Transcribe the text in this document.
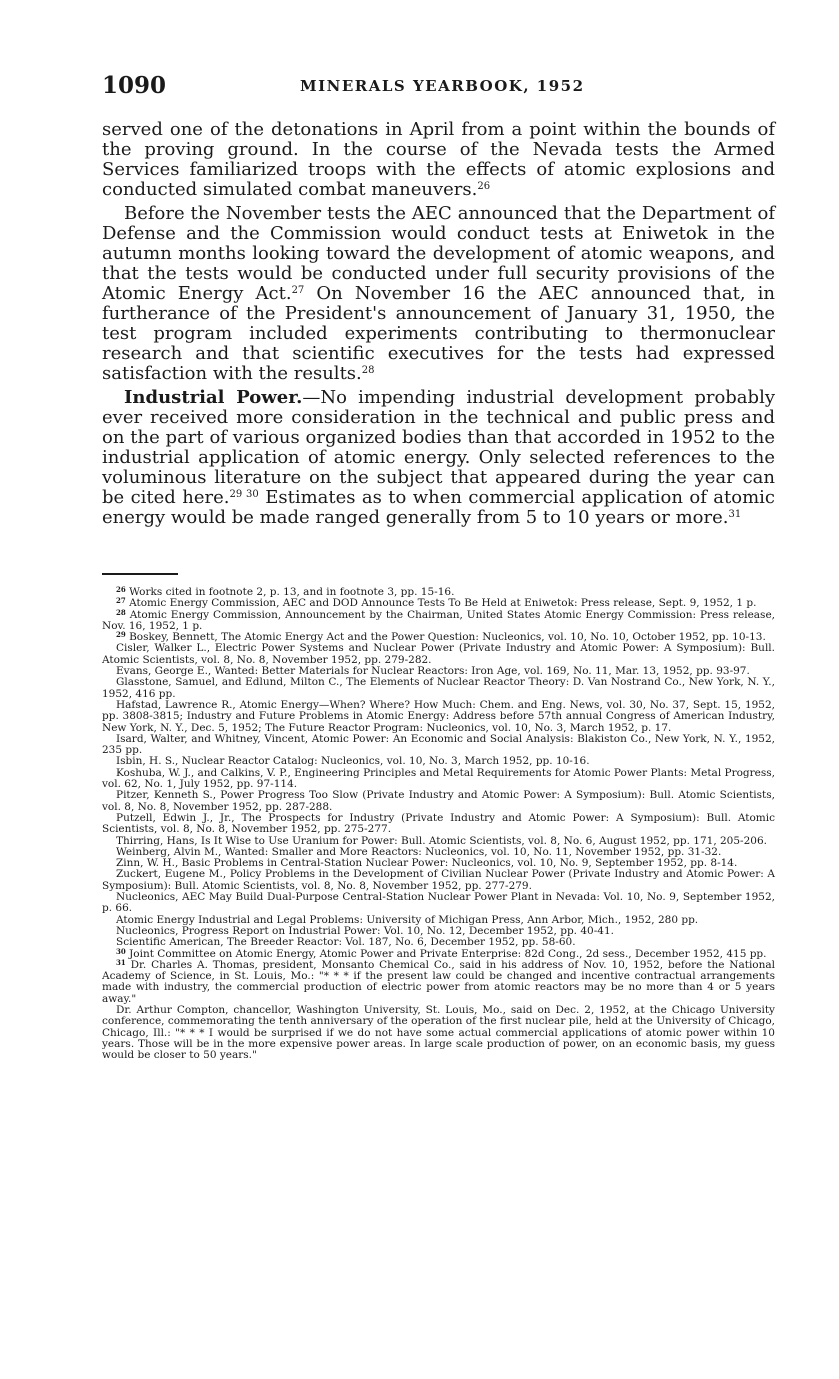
1090	MINERALS YEARBOOK, 1952

served one of the detonations in April from a point within the bounds of the proving ground. In the course of the Nevada tests the Armed Services familiarized troops with the effects of atomic explosions and conducted simulated combat maneuvers.$^{26}$

Before the November tests the AEC announced that the Department of Defense and the Commission would conduct tests at Eniwetok in the autumn months looking toward the development of atomic weapons, and that the tests would be conducted under full security provisions of the Atomic Energy Act.$^{27}$ On November 16 the AEC announced that, in furtherance of the President's announcement of January 31, 1950, the test program included experiments contributing to thermonuclear research and that scientific executives for the tests had expressed satisfaction with the results.$^{28}$

Industrial Power.—No impending industrial development probably ever received more consideration in the technical and public press and on the part of various organized bodies than that accorded in 1952 to the industrial application of atomic energy. Only selected references to the voluminous literature on the subject that appeared during the year can be cited here.$^{29 30}$ Estimates as to when commercial application of atomic energy would be made ranged generally from 5 to 10 years or more.$^{31}$

$^{26}$ Works cited in footnote 2, p. 13, and in footnote 3, pp. 15-16.

$^{27}$ Atomic Energy Commission, AEC and DOD Announce Tests To Be Held at Eniwetok: Press release, Sept. 9, 1952, 1 p.

$^{28}$ Atomic Energy Commission, Announcement by the Chairman, United States Atomic Energy Commission: Press release, Nov. 16, 1952, 1 p.

$^{29}$ Boskey, Bennett, The Atomic Energy Act and the Power Question: Nucleonics, vol. 10, No. 10, October 1952, pp. 10-13.

Cisler, Walker L., Electric Power Systems and Nuclear Power (Private Industry and Atomic Power: A Symposium): Bull. Atomic Scientists, vol. 8, No. 8, November 1952, pp. 279-282.

Evans, George E., Wanted: Better Materials for Nuclear Reactors: Iron Age, vol. 169, No. 11, Mar. 13, 1952, pp. 93-97.

Glasstone, Samuel, and Edlund, Milton C., The Elements of Nuclear Reactor Theory: D. Van Nostrand Co., New York, N. Y., 1952, 416 pp.

Hafstad, Lawrence R., Atomic Energy—When? Where? How Much: Chem. and Eng. News, vol. 30, No. 37, Sept. 15, 1952, pp. 3808-3815; Industry and Future Problems in Atomic Energy: Address before 57th annual Congress of American Industry, New York, N. Y., Dec. 5, 1952; The Future Reactor Program: Nucleonics, vol. 10, No. 3, March 1952, p. 17.

Isard, Walter, and Whitney, Vincent, Atomic Power: An Economic and Social Analysis: Blakiston Co., New York, N. Y., 1952, 235 pp.

Isbin, H. S., Nuclear Reactor Catalog: Nucleonics, vol. 10, No. 3, March 1952, pp. 10-16.

Koshuba, W. J., and Calkins, V. P., Engineering Principles and Metal Requirements for Atomic Power Plants: Metal Progress, vol. 62, No. 1, July 1952, pp. 97-114.

Pitzer, Kenneth S., Power Progress Too Slow (Private Industry and Atomic Power: A Symposium): Bull. Atomic Scientists, vol. 8, No. 8, November 1952, pp. 287-288.

Putzell, Edwin J., Jr., The Prospects for Industry (Private Industry and Atomic Power: A Symposium): Bull. Atomic Scientists, vol. 8, No. 8, November 1952, pp. 275-277.

Thirring, Hans, Is It Wise to Use Uranium for Power: Bull. Atomic Scientists, vol. 8, No. 6, August 1952, pp. 171, 205-206.

Weinberg, Alvin M., Wanted: Smaller and More Reactors: Nucleonics, vol. 10, No. 11, November 1952, pp. 31-32.

Zinn, W. H., Basic Problems in Central-Station Nuclear Power: Nucleonics, vol. 10, No. 9, September 1952, pp. 8-14.

Zuckert, Eugene M., Policy Problems in the Development of Civilian Nuclear Power (Private Industry and Atomic Power: A Symposium): Bull. Atomic Scientists, vol. 8, No. 8, November 1952, pp. 277-279.

Nucleonics, AEC May Build Dual-Purpose Central-Station Nuclear Power Plant in Nevada: Vol. 10, No. 9, September 1952, p. 66.

Atomic Energy Industrial and Legal Problems: University of Michigan Press, Ann Arbor, Mich., 1952, 280 pp.

Nucleonics, Progress Report on Industrial Power: Vol. 10, No. 12, December 1952, pp. 40-41.

Scientific American, The Breeder Reactor: Vol. 187, No. 6, December 1952, pp. 58-60.

$^{30}$ Joint Committee on Atomic Energy, Atomic Power and Private Enterprise: 82d Cong., 2d sess., December 1952, 415 pp.

$^{31}$ Dr. Charles A. Thomas, president, Monsanto Chemical Co., said in his address of Nov. 10, 1952, before the National Academy of Science, in St. Louis, Mo.: "* * * if the present law could be changed and incentive contractual arrangements made with industry, the commercial production of electric power from atomic reactors may be no more than 4 or 5 years away."

Dr. Arthur Compton, chancellor, Washington University, St. Louis, Mo., said on Dec. 2, 1952, at the Chicago University conference, commemorating the tenth anniversary of the operation of the first nuclear pile, held at the University of Chicago, Chicago, Ill.: "* * * I would be surprised if we do not have some actual commercial applications of atomic power within 10 years. Those will be in the more expensive power areas. In large scale production of power, on an economic basis, my guess would be closer to 50 years."
